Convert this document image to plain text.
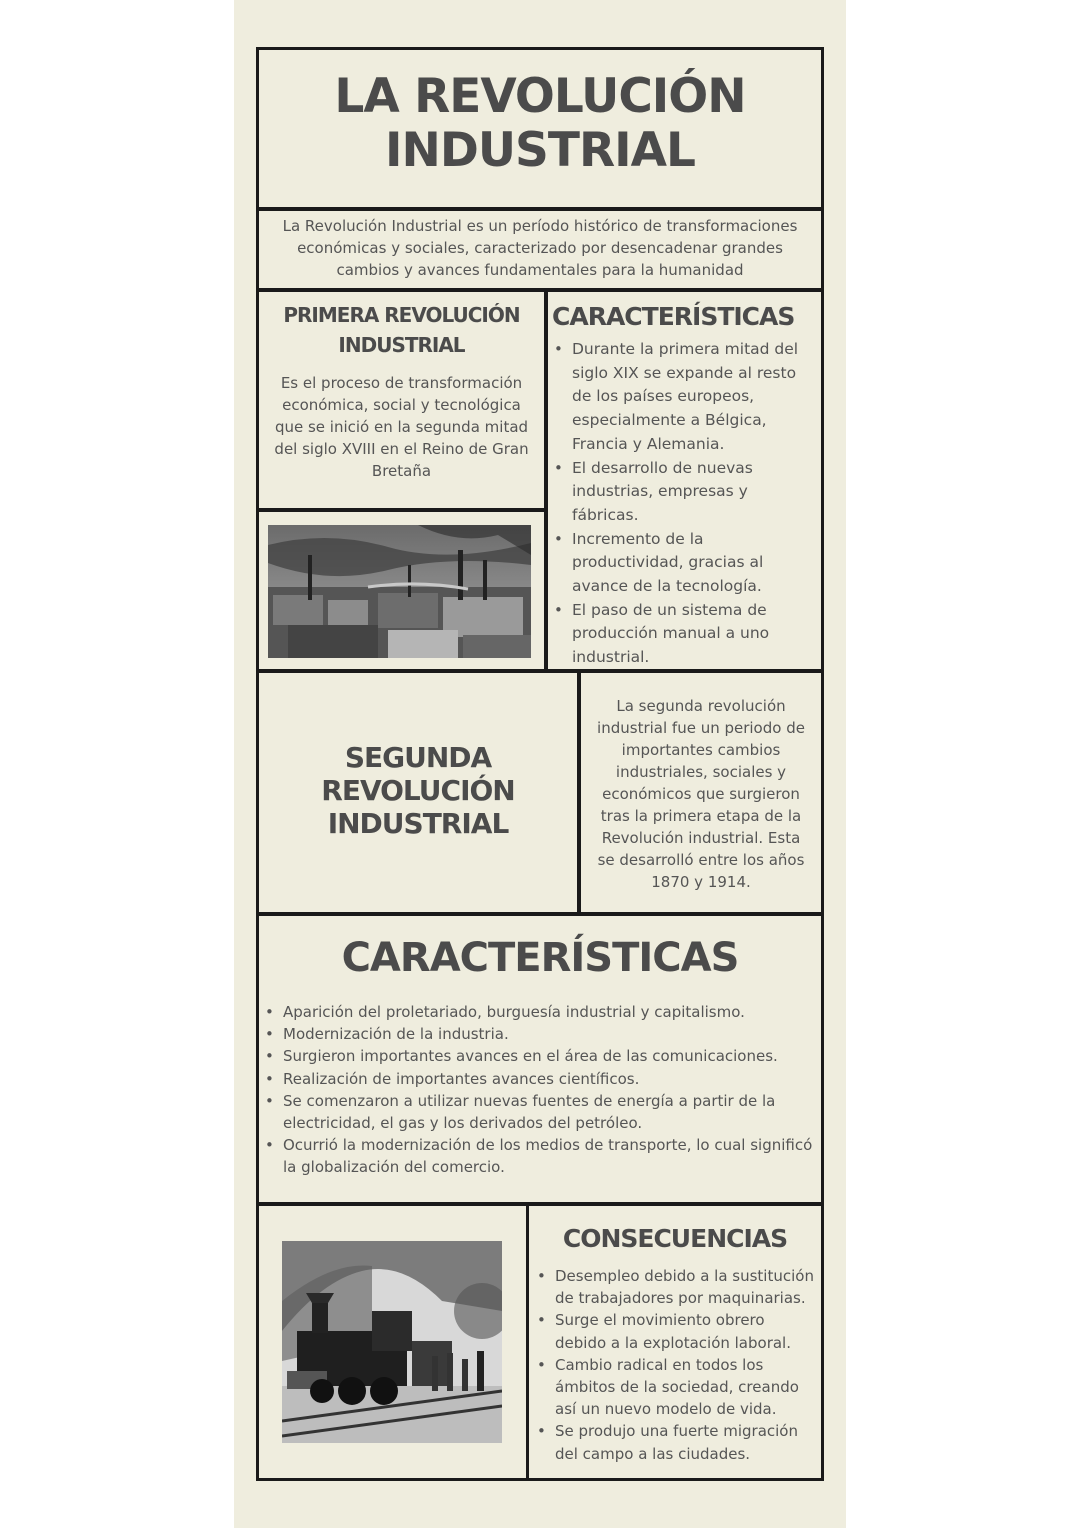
LA REVOLUCIÓN
INDUSTRIAL
La Revolución Industrial es un período histórico de transformaciones económicas y sociales, caracterizado por desencadenar grandes cambios y avances fundamentales para la humanidad
PRIMERA REVOLUCIÓN
INDUSTRIAL
Es el proceso de transformación económica, social y tecnológica que se inició en la segunda mitad del siglo XVIII en el Reino de Gran Bretaña
CARACTERÍSTICAS
• Durante la primera mitad del siglo XIX se expande al resto de los países europeos, especialmente a Bélgica, Francia y Alemania.
• El desarrollo de nuevas industrias, empresas y fábricas.
• Incremento de la productividad, gracias al avance de la tecnología.
• El paso de un sistema de producción manual a uno industrial.
SEGUNDA
REVOLUCIÓN
INDUSTRIAL
La segunda revolución industrial fue un periodo de importantes cambios industriales, sociales y económicos que surgieron tras la primera etapa de la Revolución industrial. Esta se desarrolló entre los años 1870 y 1914.
CARACTERÍSTICAS
• Aparición del proletariado, burguesía industrial y capitalismo.
• Modernización de la industria.
• Surgieron importantes avances en el área de las comunicaciones.
• Realización de importantes avances científicos.
• Se comenzaron a utilizar nuevas fuentes de energía a partir de la electricidad, el gas y los derivados del petróleo.
• Ocurrió la modernización de los medios de transporte, lo cual significó la globalización del comercio.
CONSECUENCIAS
• Desempleo debido a la sustitución de trabajadores por maquinarias.
• Surge el movimiento obrero debido a la explotación laboral.
• Cambio radical en todos los ámbitos de la sociedad, creando así un nuevo modelo de vida.
• Se produjo una fuerte migración del campo a las ciudades.
